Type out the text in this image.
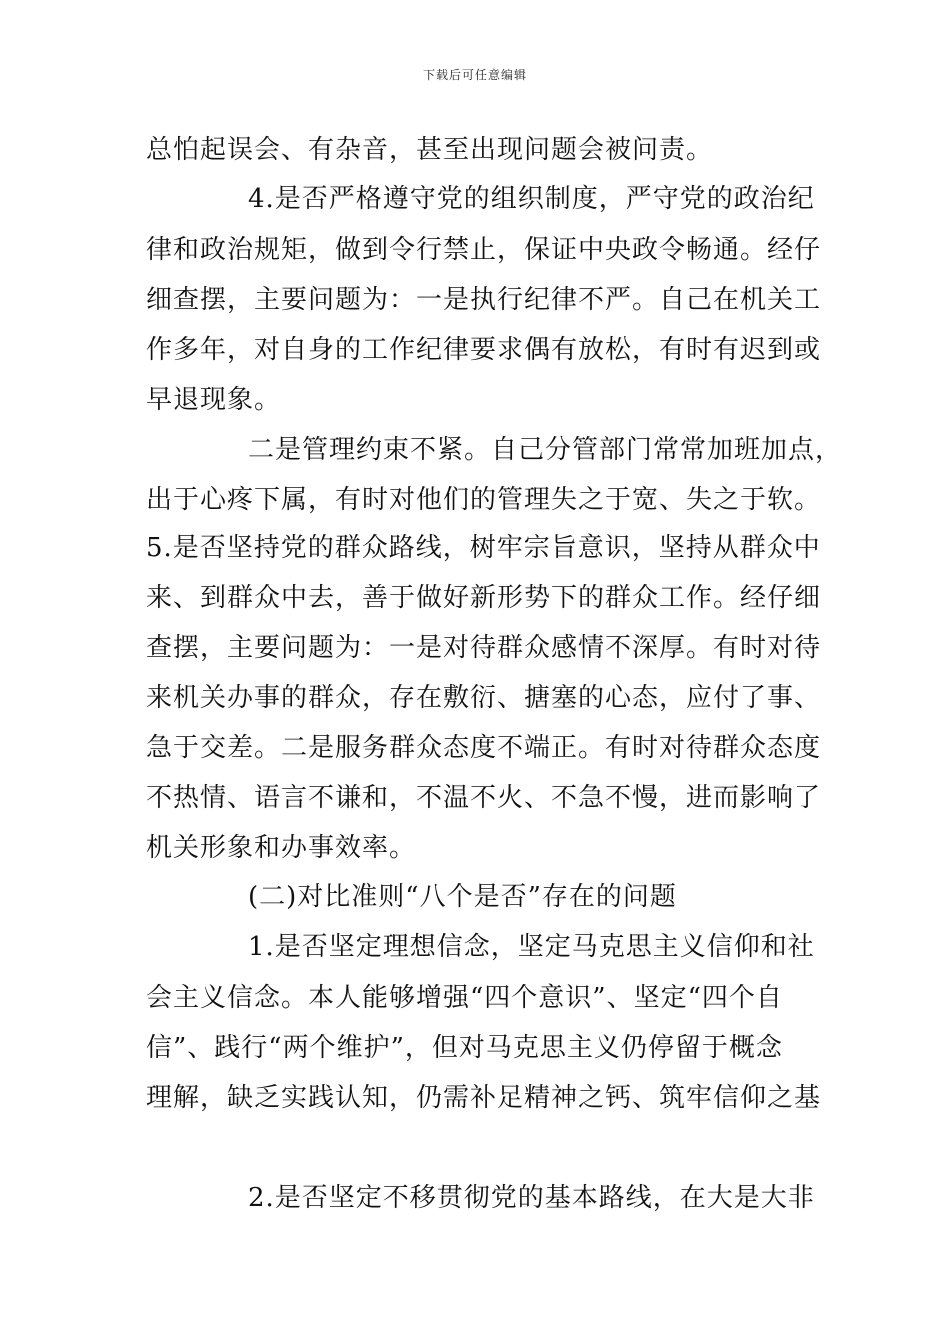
下载后可任意编辑
总怕起误会、有杂音，甚至出现问题会被问责。
4.是否严格遵守党的组织制度，严守党的政治纪
律和政治规矩，做到令行禁止，保证中央政令畅通。经仔
细查摆，主要问题为：一是执行纪律不严。自己在机关工
作多年，对自身的工作纪律要求偶有放松，有时有迟到或
早退现象。
二是管理约束不紧。自己分管部门常常加班加点，
出于心疼下属，有时对他们的管理失之于宽、失之于软。
5.是否坚持党的群众路线，树牢宗旨意识，坚持从群众中
来、到群众中去，善于做好新形势下的群众工作。经仔细
查摆，主要问题为：一是对待群众感情不深厚。有时对待
来机关办事的群众，存在敷衍、搪塞的心态，应付了事、
急于交差。二是服务群众态度不端正。有时对待群众态度
不热情、语言不谦和，不温不火、不急不慢，进而影响了
机关形象和办事效率。
(二)对比准则“八个是否”存在的问题
1.是否坚定理想信念，坚定马克思主义信仰和社
会主义信念。本人能够增强“四个意识”、坚定“四个自
信”、践行“两个维护”，但对马克思主义仍停留于概念
理解，缺乏实践认知，仍需补足精神之钙、筑牢信仰之基
2.是否坚定不移贯彻党的基本路线，在大是大非
